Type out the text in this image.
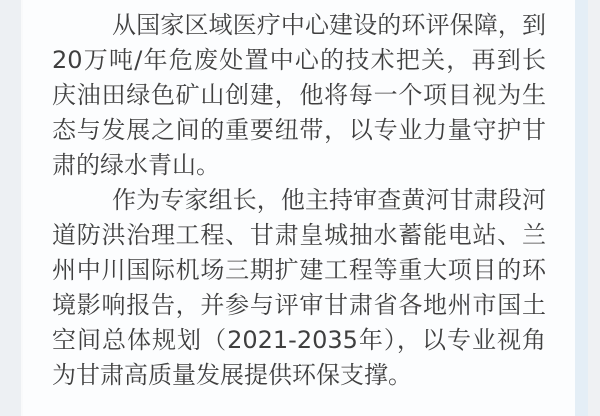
从国家区域医疗中心建设的环评保障，到20万吨/年危废处置中心的技术把关，再到长庆油田绿色矿山创建，他将每一个项目视为生态与发展之间的重要纽带，以专业力量守护甘肃的绿水青山。

作为专家组长，他主持审查黄河甘肃段河道防洪治理工程、甘肃皇城抽水蓄能电站、兰州中川国际机场三期扩建工程等重大项目的环境影响报告，并参与评审甘肃省各地州市国土空间总体规划（2021-2035年），以专业视角为甘肃高质量发展提供环保支撑。
